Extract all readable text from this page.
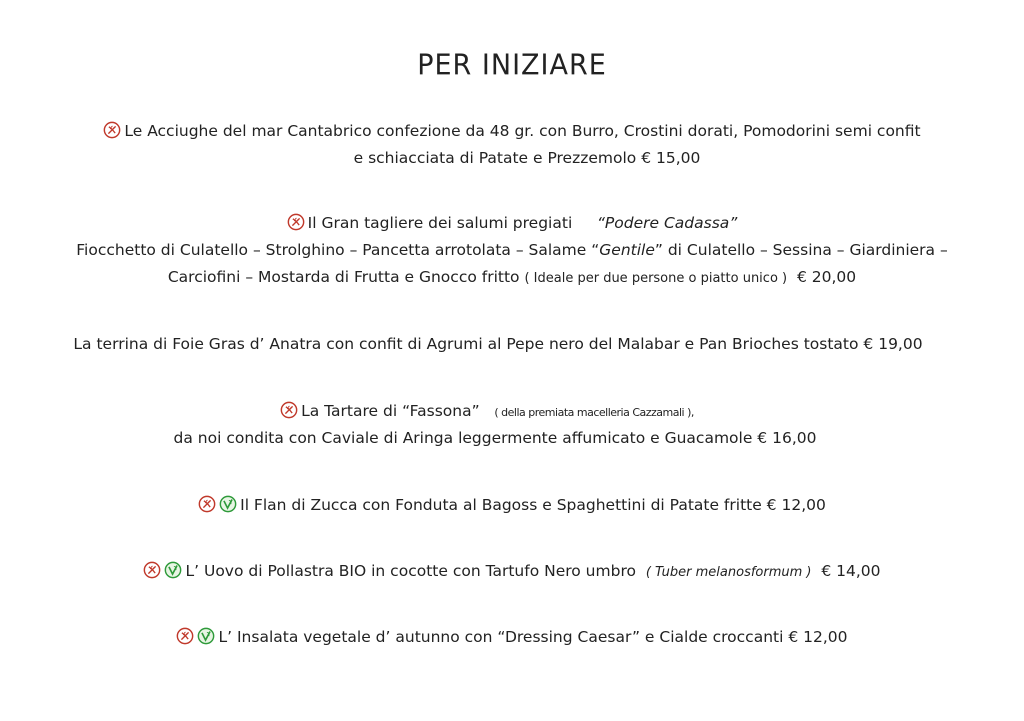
PER INIZIARE
Le Acciughe del mar Cantabrico confezione da 48 gr. con Burro, Crostini dorati, Pomodorini semi confit
e schiacciata di Patate e Prezzemolo € 15,00
Il Gran tagliere dei salumi pregiati “Podere Cadassa”
Fiocchetto di Culatello – Strolghino – Pancetta arrotolata – Salame “Gentile” di Culatello – Sessina – Giardiniera –
Carciofini – Mostarda di Frutta e Gnocco fritto ( Ideale per due persone o piatto unico ) € 20,00
La terrina di Foie Gras d’ Anatra con confit di Agrumi al Pepe nero del Malabar e Pan Brioches tostato € 19,00
La Tartare di “Fassona” ( della premiata macelleria Cazzamali ),
da noi condita con Caviale di Aringa leggermente affumicato e Guacamole € 16,00
Il Flan di Zucca con Fonduta al Bagoss e Spaghettini di Patate fritte € 12,00
L’ Uovo di Pollastra BIO in cocotte con Tartufo Nero umbro ( Tuber melanosformum ) € 14,00
L’ Insalata vegetale d’ autunno con “Dressing Caesar” e Cialde croccanti € 12,00
